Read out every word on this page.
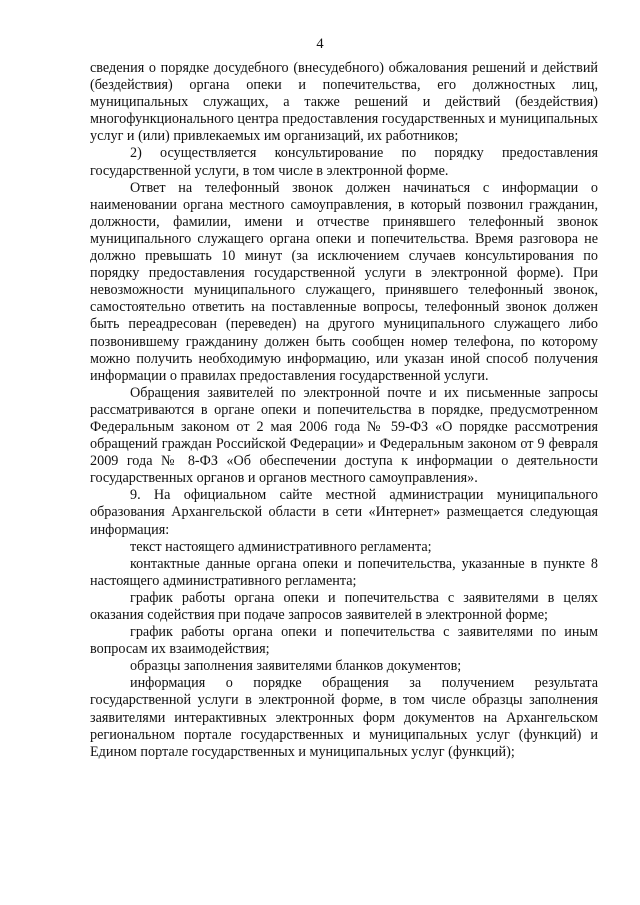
4

сведения о порядке досудебного (внесудебного) обжалования решений и действий (бездействия) органа опеки и попечительства, его должностных лиц, муниципальных служащих, а также решений и действий (бездействия) многофункционального центра предоставления государственных и муниципальных услуг и (или) привлекаемых им организаций, их работников;

2) осуществляется консультирование по порядку предоставления государственной услуги, в том числе в электронной форме.

Ответ на телефонный звонок должен начинаться с информации о наименовании органа местного самоуправления, в который позвонил гражданин, должности, фамилии, имени и отчестве принявшего телефонный звонок муниципального служащего органа опеки и попечительства. Время разговора не должно превышать 10 минут (за исключением случаев консультирования по порядку предоставления государственной услуги в электронной форме). При невозможности муниципального служащего, принявшего телефонный звонок, самостоятельно ответить на поставленные вопросы, телефонный звонок должен быть переадресован (переведен) на другого муниципального служащего либо позвонившему гражданину должен быть сообщен номер телефона, по которому можно получить необходимую информацию, или указан иной способ получения информации о правилах предоставления государственной услуги.

Обращения заявителей по электронной почте и их письменные запросы рассматриваются в органе опеки и попечительства в порядке, предусмотренном Федеральным законом от 2 мая 2006 года № 59-ФЗ «О порядке рассмотрения обращений граждан Российской Федерации» и Федеральным законом от 9 февраля 2009 года № 8-ФЗ «Об обеспечении доступа к информации о деятельности государственных органов и органов местного самоуправления».

9. На официальном сайте местной администрации муниципального образования Архангельской области в сети «Интернет» размещается следующая информация:

текст настоящего административного регламента;

контактные данные органа опеки и попечительства, указанные в пункте 8 настоящего административного регламента;

график работы органа опеки и попечительства с заявителями в целях оказания содействия при подаче запросов заявителей в электронной форме;

график работы органа опеки и попечительства с заявителями по иным вопросам их взаимодействия;

образцы заполнения заявителями бланков документов;

информация о порядке обращения за получением результата государственной услуги в электронной форме, в том числе образцы заполнения заявителями интерактивных электронных форм документов на Архангельском региональном портале государственных и муниципальных услуг (функций) и Едином портале государственных и муниципальных услуг (функций);
